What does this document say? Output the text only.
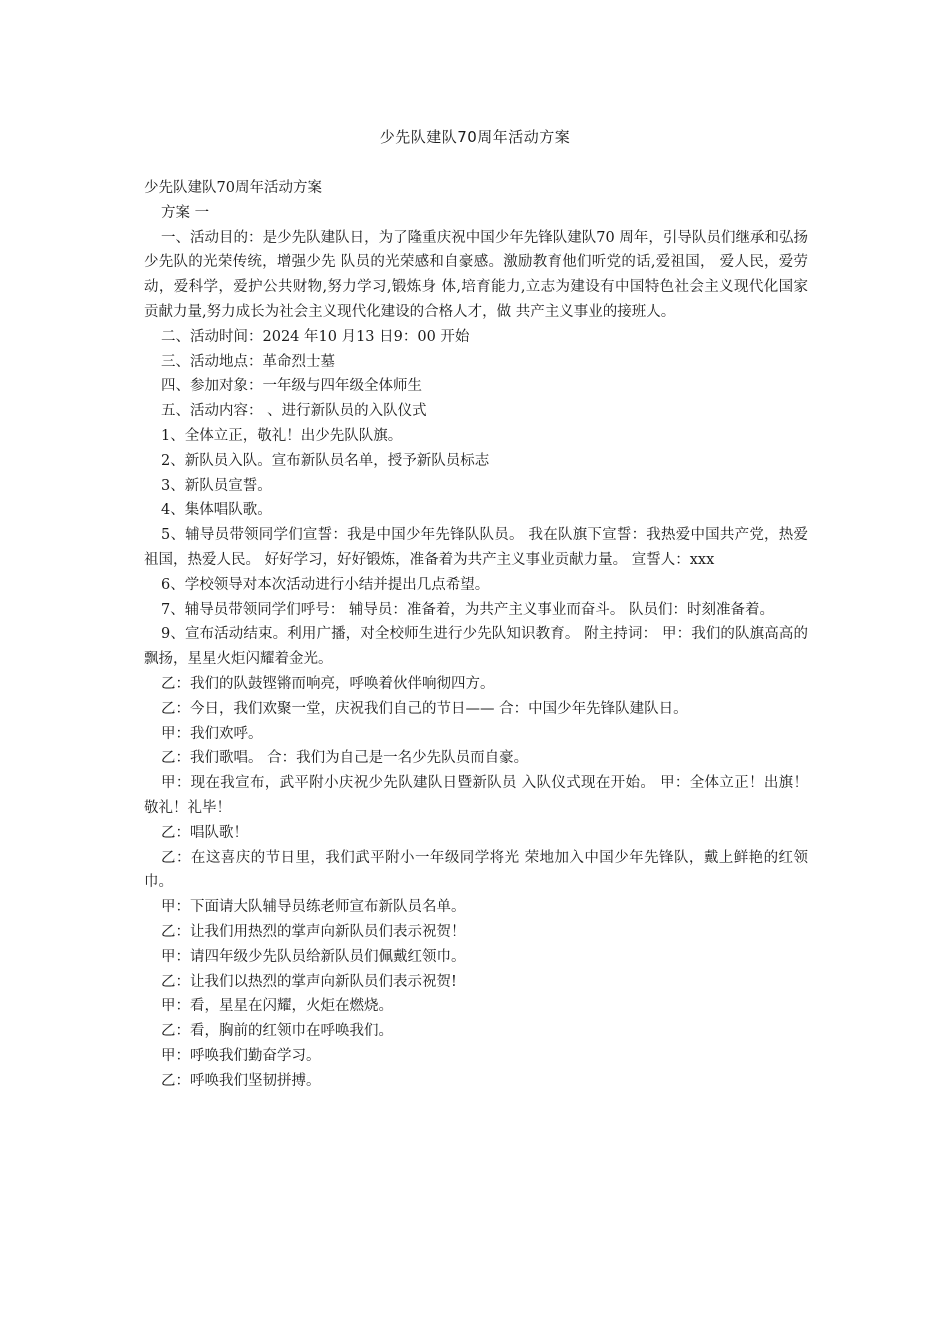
少先队建队70周年活动方案

少先队建队70周年活动方案

方案 一

一、活动目的：是少先队建队日，为了隆重庆祝中国少年先锋队建队70 周年，引导队员们继承和弘扬少先队的光荣传统，增强少先 队员的光荣感和自豪感。激励教育他们听党的话,爱祖国， 爱人民，爱劳动，爱科学，爱护公共财物,努力学习,锻炼身 体,培育能力,立志为建设有中国特色社会主义现代化国家 贡献力量,努力成长为社会主义现代化建设的合格人才，做 共产主义事业的接班人。

二、活动时间：2024 年10 月13 日9：00 开始

三、活动地点：革命烈士墓

四、参加对象：一年级与四年级全体师生

五、活动内容： 、进行新队员的入队仪式

1、全体立正，敬礼！出少先队队旗。

2、新队员入队。宣布新队员名单，授予新队员标志

3、新队员宣誓。

4、集体唱队歌。

5、辅导员带领同学们宣誓：我是中国少年先锋队队员。 我在队旗下宣誓：我热爱中国共产党，热爱祖国，热爱人民。 好好学习，好好锻炼，准备着为共产主义事业贡献力量。 宣誓人：xxx

6、学校领导对本次活动进行小结并提出几点希望。

7、辅导员带领同学们呼号： 辅导员：准备着，为共产主义事业而奋斗。 队员们：时刻准备着。

9、宣布活动结束。利用广播，对全校师生进行少先队知识教育。 附主持词： 甲：我们的队旗高高的飘扬，星星火炬闪耀着金光。

乙：我们的队鼓铿锵而响亮，呼唤着伙伴响彻四方。

乙：今日，我们欢聚一堂，庆祝我们自己的节日—— 合：中国少年先锋队建队日。

甲：我们欢呼。

乙：我们歌唱。 合：我们为自己是一名少先队员而自豪。

甲：现在我宣布，武平附小庆祝少先队建队日暨新队员 入队仪式现在开始。 甲：全体立正！出旗！敬礼！礼毕！

乙：唱队歌！

乙：在这喜庆的节日里，我们武平附小一年级同学将光 荣地加入中国少年先锋队，戴上鲜艳的红领巾。

甲：下面请大队辅导员练老师宣布新队员名单。

乙：让我们用热烈的掌声向新队员们表示祝贺！

甲：请四年级少先队员给新队员们佩戴红领巾。

乙：让我们以热烈的掌声向新队员们表示祝贺!

甲：看，星星在闪耀，火炬在燃烧。

乙：看，胸前的红领巾在呼唤我们。

甲：呼唤我们勤奋学习。

乙：呼唤我们坚韧拼搏。
